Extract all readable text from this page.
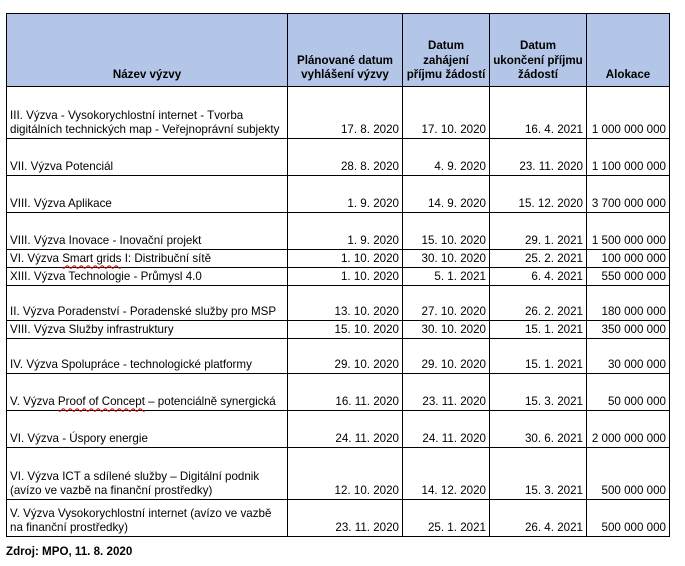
Název výzvy	Plánované datum vyhlášení výzvy	Datum zahájení příjmu žádostí	Datum ukončení příjmu žádostí	Alokace
III. Výzva - Vysokorychlostní internet - Tvorba digitálních technických map - Veřejnoprávní subjekty	17. 8. 2020	17. 10. 2020	16. 4. 2021	1 000 000 000
VII. Výzva Potenciál	28. 8. 2020	4. 9. 2020	23. 11. 2020	1 100 000 000
VIII. Výzva Aplikace	1. 9. 2020	14. 9. 2020	15. 12. 2020	3 700 000 000
VIII. Výzva Inovace - Inovační projekt	1. 9. 2020	15. 10. 2020	29. 1. 2021	1 500 000 000
VI. Výzva Smart grids I: Distribuční sítě	1. 10. 2020	30. 10. 2020	25. 2. 2021	100 000 000
XIII. Výzva Technologie - Průmysl 4.0	1. 10. 2020	5. 1. 2021	6. 4. 2021	550 000 000
II. Výzva Poradenství - Poradenské služby pro MSP	13. 10. 2020	27. 10. 2020	26. 2. 2021	180 000 000
VIII. Výzva Služby infrastruktury	15. 10. 2020	30. 10. 2020	15. 1. 2021	350 000 000
IV. Výzva Spolupráce - technologické platformy	29. 10. 2020	29. 10. 2020	15. 1. 2021	30 000 000
V. Výzva Proof of Concept – potenciálně synergická	16. 11. 2020	23. 11. 2020	15. 3. 2021	50 000 000
VI. Výzva - Úspory energie	24. 11. 2020	24. 11. 2020	30. 6. 2021	2 000 000 000
VI. Výzva ICT a sdílené služby – Digitální podnik (avízo ve vazbě na finanční prostředky)	12. 10. 2020	14. 12. 2020	15. 3. 2021	500 000 000
V. Výzva Vysokorychlostní internet (avízo ve vazbě na finanční prostředky)	23. 11. 2020	25. 1. 2021	26. 4. 2021	500 000 000
Zdroj: MPO, 11. 8. 2020
